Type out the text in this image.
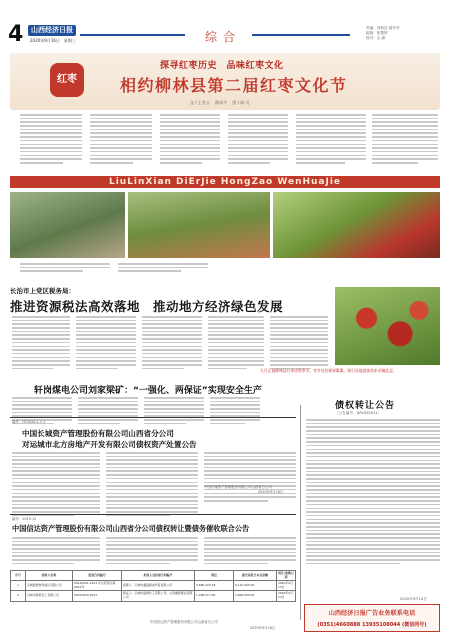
4	山西经济日报
2020年9月16日　星期三	综合
责编：刘秋浣 郝冬华
组版：张慧婷
校对：山 渝
红枣
探寻红枣历史　品味红枣文化
相约柳林县第二届红枣文化节
文 / 王芳云 　路录平 　图 / 陈 可
LiuLinXian DiErJie HongZao WenHuaJie
长治市上党区税务局：
推进资源税法高效落地　推动地方经济绿色发展
九月正值柳林县红枣成熟季节，枣乡处处硕果累累，吸引各地游客前来采摘品尝。
轩岗煤电公司刘家梁矿：“一强化、两保证”实现安全生产
债权转让公告
〔公告编号：QP2020011〕
2020年9月14日
编号：HT2020-1.1.1
中国长城资产管理股份有限公司山西省分公司
对运城市北方房地产开发有限公司债权资产处置公告
中国长城资产管理股份有限公司山西省分公司
2020年9月16日
编号：2019-12
中国信达资产管理股份有限公司山西省分公司债权转让暨债务催收联合公告
序号	债务人名称	借款合同编号	担保人及担保合同编号	利息	截至基准日本金余额	转让/收购日期
1	运城粮食物资储运有限公司	09120001-2013 年运营借字第0012号	抵押人：运城市鑫盛粮油贸易有限公司	3,680,420.18	6,110,000.00	2020年9月13日
2	运城市新源化工有限公司	04012020-2013	保证人：运城市盛源化工有限公司；山西鑫源煤业有限公司	1,298,517.60	2,800,000.00	2020年9月13日
中国信达资产管理股份有限公司山西省分公司
2020年9月16日
山西经济日报广告业务联系电话
(0351)4660888 13935108044 (微信同号)
